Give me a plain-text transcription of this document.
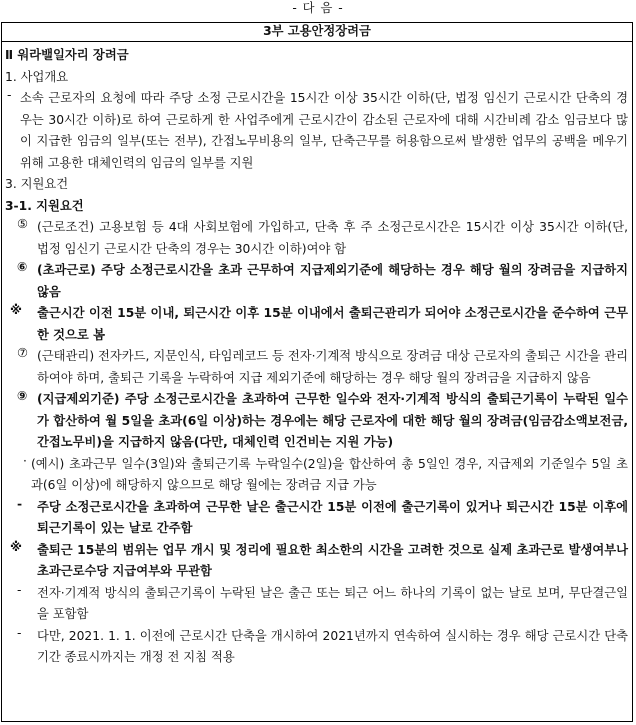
- 다 음 -
3부 고용안정장려금
Ⅱ 워라밸일자리 장려금
1. 사업개요
- 소속 근로자의 요청에 따라 주당 소정 근로시간을 15시간 이상 35시간 이하(단, 법정 임신기 근로시간 단축의 경우는 30시간 이하)로 하여 근로하게 한 사업주에게 근로시간이 감소된 근로자에 대해 시간비례 감소 임금보다 많이 지급한 임금의 일부(또는 전부), 간접노무비용의 일부, 단축근무를 허용함으로써 발생한 업무의 공백을 메우기 위해 고용한 대체인력의 임금의 일부를 지원
3. 지원요건
3-1. 지원요건
⑤ (근로조건) 고용보험 등 4대 사회보험에 가입하고, 단축 후 주 소정근로시간은 15시간 이상 35시간 이하(단, 법정 임신기 근로시간 단축의 경우는 30시간 이하)여야 함
⑥ (초과근로) 주당 소정근로시간을 초과 근무하여 지급제외기준에 해당하는 경우 해당 월의 장려금을 지급하지 않음
※	출근시간 이전 15분 이내, 퇴근시간 이후 15분 이내에서 출퇴근관리가 되어야 소정근로시간을 준수하여 근무한 것으로 봄
⑦ (근태관리) 전자카드, 지문인식, 타임레코드 등 전자·기계적 방식으로 장려금 대상 근로자의 출퇴근 시간을 관리하여야 하며, 출퇴근 기록을 누락하여 지급 제외기준에 해당하는 경우 해당 월의 장려금을 지급하지 않음
⑨ (지급제외기준) 주당 소정근로시간을 초과하여 근무한 일수와 전자·기계적 방식의 출퇴근기록이 누락된 일수가 합산하여 월 5일을 초과(6일 이상)하는 경우에는 해당 근로자에 대한 해당 월의 장려금(임금감소액보전금, 간접노무비)을 지급하지 않음(다만, 대체인력 인건비는 지원 가능)
· (예시) 초과근무 일수(3일)와 출퇴근기록 누락일수(2일)을 합산하여 총 5일인 경우, 지급제외 기준일수 5일 초과(6일 이상)에 해당하지 않으므로 해당 월에는 장려금 지급 가능
-	주당 소정근로시간을 초과하여 근무한 날은 출근시간 15분 이전에 출근기록이 있거나 퇴근시간 15분 이후에 퇴근기록이 있는 날로 간주함
※	출퇴근 15분의 범위는 업무 개시 및 정리에 필요한 최소한의 시간을 고려한 것으로 실제 초과근로 발생여부나 초과근로수당 지급여부와 무관함
-	전자·기계적 방식의 출퇴근기록이 누락된 날은 출근 또는 퇴근 어느 하나의 기록이 없는 날로 보며, 무단결근일을 포함함
-	다만, 2021. 1. 1. 이전에 근로시간 단축을 개시하여 2021년까지 연속하여 실시하는 경우 해당 근로시간 단축기간 종료시까지는 개정 전 지침 적용
